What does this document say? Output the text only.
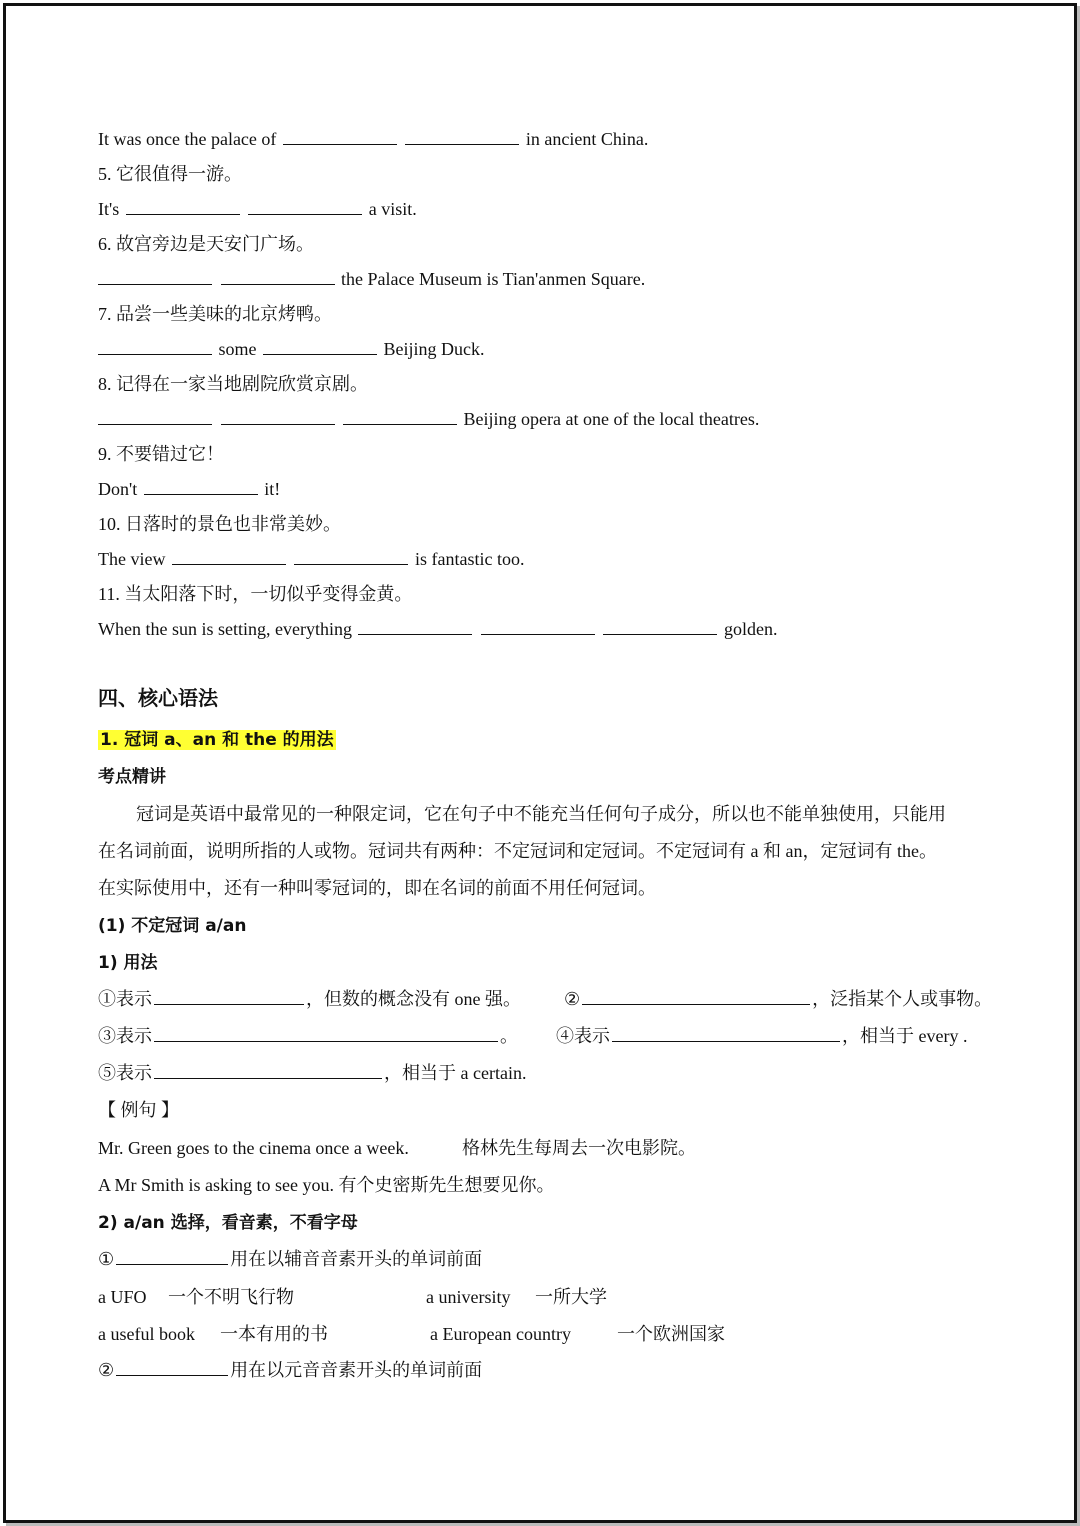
It was once the palace of	in ancient China.
5. 它很值得一游。
It's	a visit.
6. 故宫旁边是天安门广场。
the Palace Museum is Tian'anmen Square.
7. 品尝一些美味的北京烤鸭。
some	Beijing Duck.
8. 记得在一家当地剧院欣赏京剧。
Beijing opera at one of the local theatres.
9. 不要错过它！
Don't	it!
10. 日落时的景色也非常美妙。
The view	is fantastic too.
11. 当太阳落下时，一切似乎变得金黄。
When the sun is setting, everything	golden.
四、核心语法
1. 冠词 a、an 和 the 的用法
考点精讲
冠词是英语中最常见的一种限定词，它在句子中不能充当任何句子成分，所以也不能单独使用，只能用
在名词前面，说明所指的人或物。冠词共有两种：不定冠词和定冠词。不定冠词有 a 和 an，定冠词有 the。
在实际使用中，还有一种叫零冠词的，即在名词的前面不用任何冠词。
(1) 不定冠词 a/an
1) 用法
①表示	，但数的概念没有 one 强。 ②	，泛指某个人或事物。
③表示	。 ④表示	，相当于 every .
⑤表示	，相当于 a certain.
【 例句 】
Mr. Green goes to the cinema once a week.	格林先生每周去一次电影院。
A Mr Smith is asking to see you. 有个史密斯先生想要见你。
2) a/an 选择，看音素，不看字母
①	用在以辅音音素开头的单词前面
a UFO 一个不明飞行物	a university 一所大学
a useful book 一本有用的书	a European country	一个欧洲国家
②	用在以元音音素开头的单词前面
